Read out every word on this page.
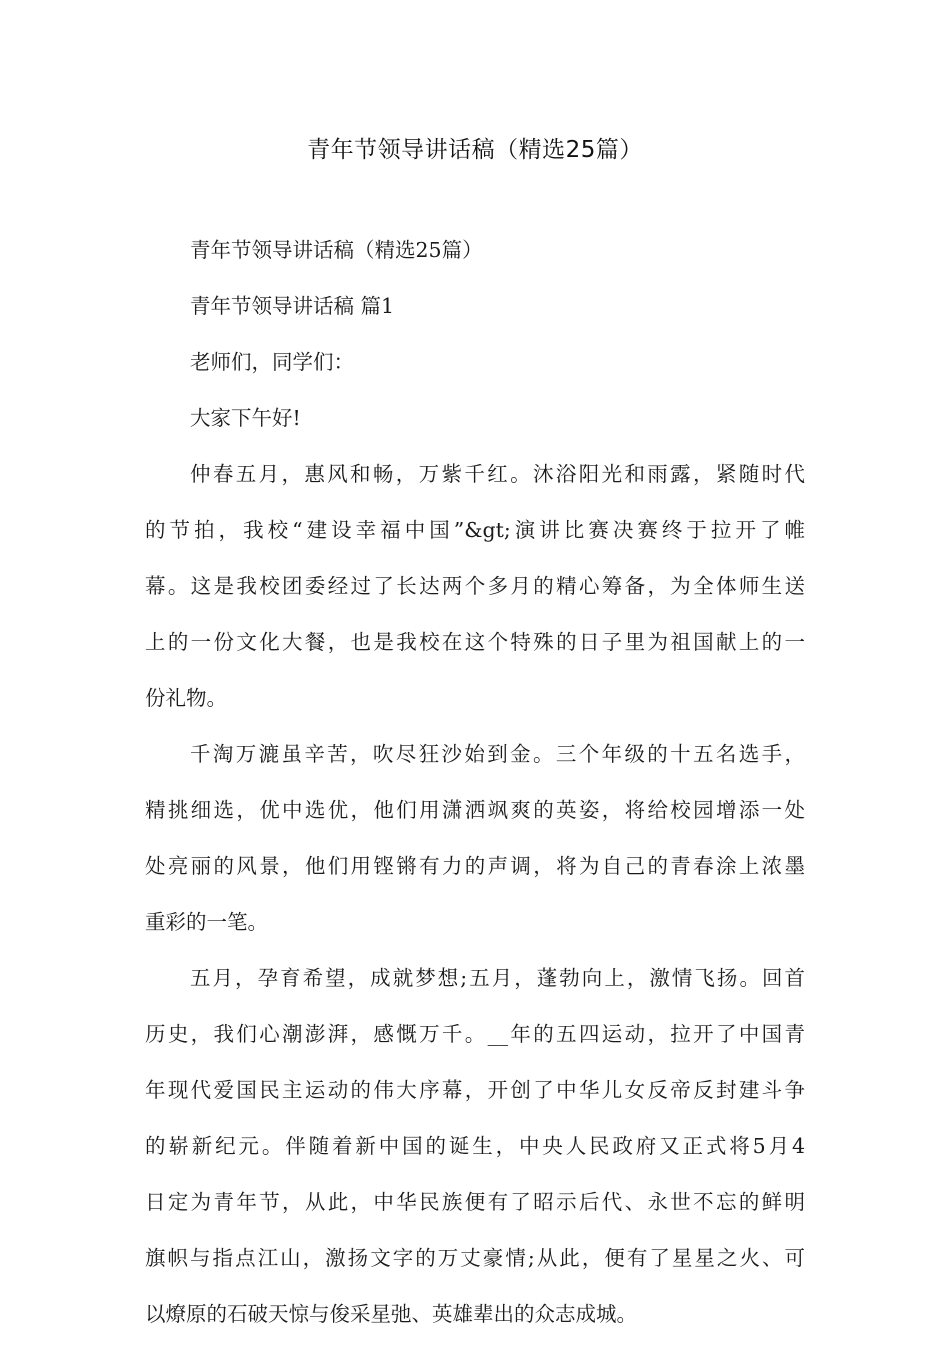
青年节领导讲话稿（精选25篇）
青年节领导讲话稿（精选25篇）
青年节领导讲话稿 篇1
老师们，同学们：
大家下午好!
仲春五月，惠风和畅，万紫千红。沐浴阳光和雨露，紧随时代
的节拍，我校“建设幸福中国”&gt;演讲比赛决赛终于拉开了帷
幕。这是我校团委经过了长达两个多月的精心筹备，为全体师生送
上的一份文化大餐，也是我校在这个特殊的日子里为祖国献上的一
份礼物。
千淘万漉虽辛苦，吹尽狂沙始到金。三个年级的十五名选手，
精挑细选，优中选优，他们用潇洒飒爽的英姿，将给校园增添一处
处亮丽的风景，他们用铿锵有力的声调，将为自己的青春涂上浓墨
重彩的一笔。
五月，孕育希望，成就梦想;五月，蓬勃向上，激情飞扬。回首
历史，我们心潮澎湃，感慨万千。__年的五四运动，拉开了中国青
年现代爱国民主运动的伟大序幕，开创了中华儿女反帝反封建斗争
的崭新纪元。伴随着新中国的诞生，中央人民政府又正式将5月4
日定为青年节，从此，中华民族便有了昭示后代、永世不忘的鲜明
旗帜与指点江山，激扬文字的万丈豪情;从此，便有了星星之火、可
以燎原的石破天惊与俊采星弛、英雄辈出的众志成城。
